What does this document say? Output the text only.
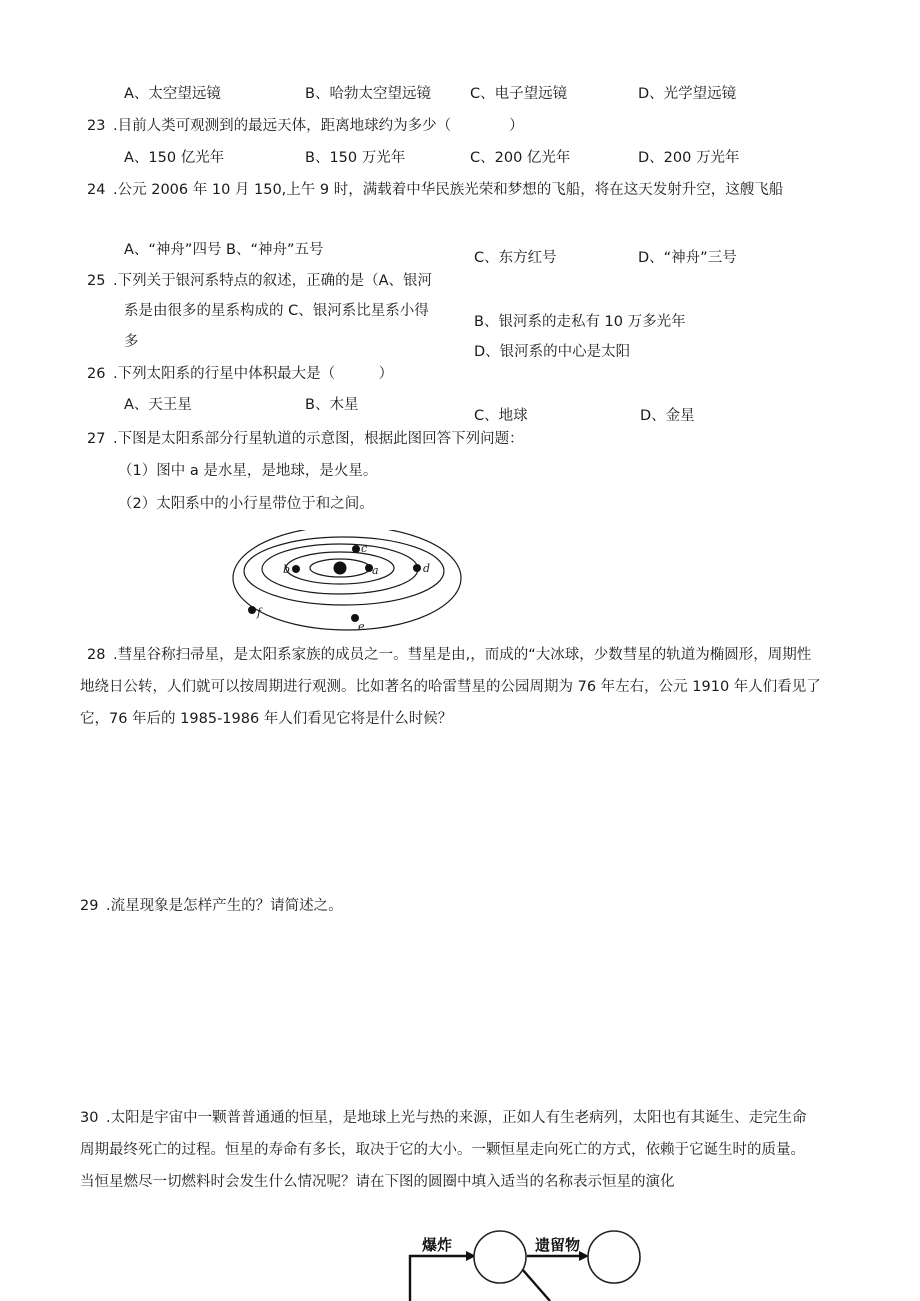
A、太空望远镜	B、哈勃太空望远镜	C、电子望远镜	D、光学望远镜
23 .目前人类可观测到的最远天体，距离地球约为多少（　　　　）
A、150 亿光年	B、150 万光年	C、200 亿光年	D、200 万光年
24 .公元 2006 年 10 月 150,上午 9 时，满载着中华民族光荣和梦想的飞船，将在这天发射升空，这艘飞船
A、“神舟”四号 B、“神舟”五号	C、东方红号	D、“神舟”三号
25 .下列关于银河系特点的叙述，正确的是（A、银河
系是由很多的星系构成的 C、银河系比星系小得
多
B、银河系的走私有 10 万多光年
D、银河系的中心是太阳
26 .下列太阳系的行星中体积最大是（　　　）
A、天王星	B、木星
C、地球	D、金星
27 .下图是太阳系部分行星轨道的示意图，根据此图回答下列问题：
（1）图中 a 是水星，是地球，是火星。
（2）太阳系中的小行星带位于和之间。
a
b
c
d
e
f
28 .彗星谷称扫帚星，是太阳系家族的成员之一。彗星是由,，而成的“大冰球，少数彗星的轨道为椭圆形，周期性
地绕日公转，人们就可以按周期进行观测。比如著名的哈雷彗星的公园周期为 76 年左右，公元 1910 年人们看见了
它，76 年后的 1985-1986 年人们看见它将是什么时候？
29 .流星现象是怎样产生的？请简述之。
30 .太阳是宇宙中一颗普普通通的恒星，是地球上光与热的来源，正如人有生老病列，太阳也有其诞生、走完生命
周期最终死亡的过程。恒星的寿命有多长，取决于它的大小。一颗恒星走向死亡的方式，依赖于它诞生时的质量。
当恒星燃尽一切燃料时会发生什么情况呢？请在下图的圆圈中填入适当的名称表示恒星的演化
爆炸	遗留物
